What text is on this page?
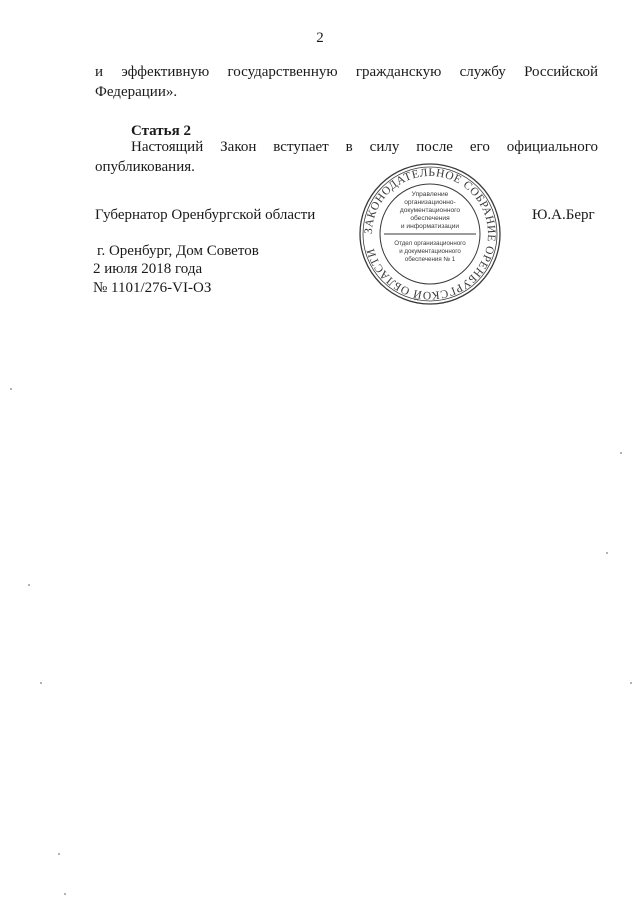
2
и эффективную государственную гражданскую службу Российской
Федерации».
Статья 2
Настоящий Закон вступает в силу после его официального
опубликования.
Губернатор Оренбургской области	Ю.А.Берг
г. Оренбург, Дом Советов
2 июля 2018 года
№ 1101/276-VI-ОЗ
ЗАКОНОДАТЕЛЬНОЕ СОБРАНИЕ ОРЕНБУРГСКОЙ ОБЛАСТИ
Управление
организационно-
документационного
обеспечения
и информатизации
Отдел организационного
и документационного
обеспечения № 1
